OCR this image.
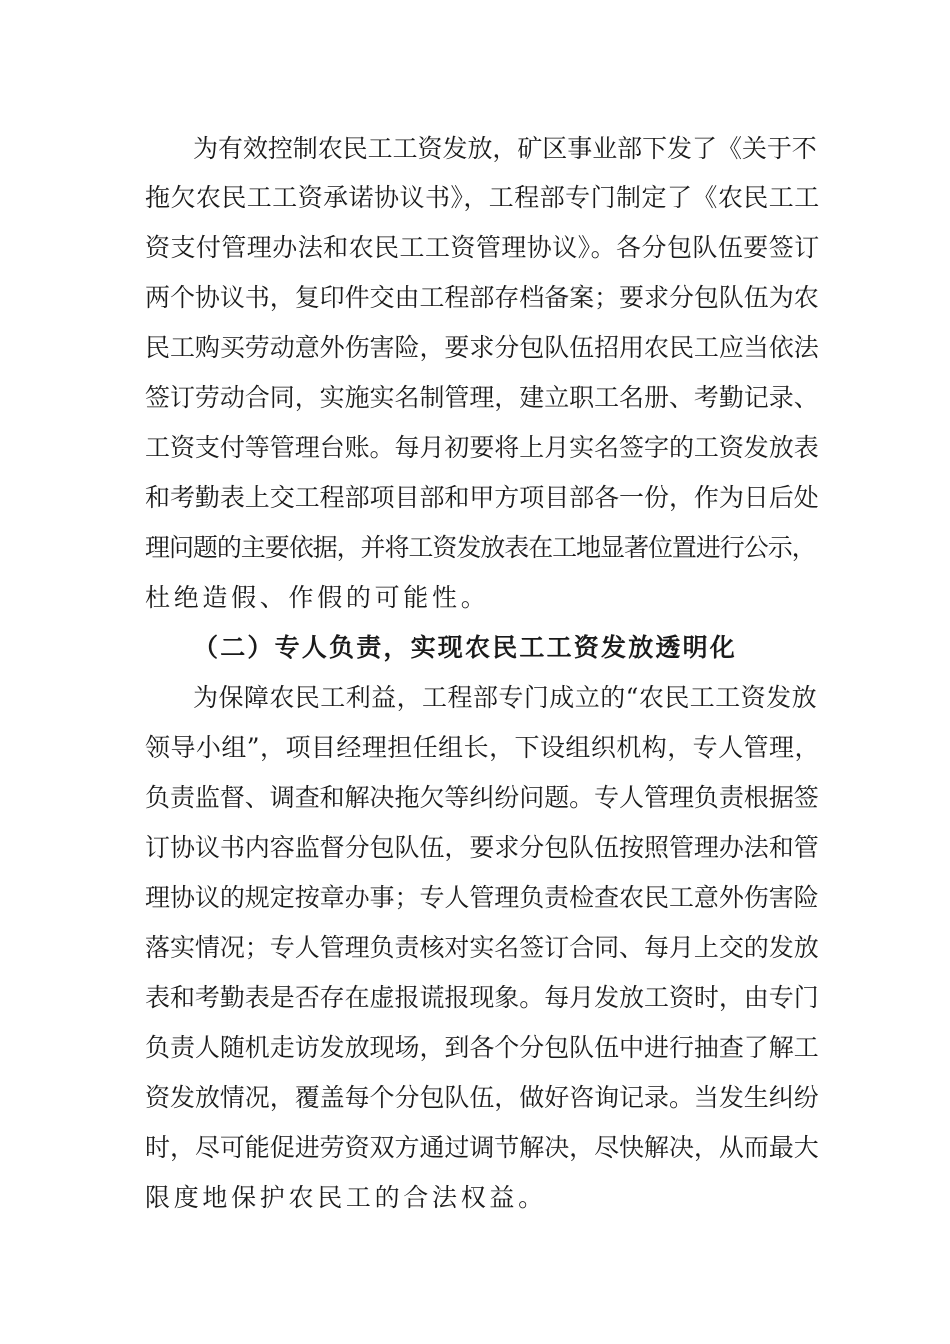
为有效控制农民工工资发放，矿区事业部下发了《关于不
拖欠农民工工资承诺协议书》，工程部专门制定了《农民工工
资支付管理办法和农民工工资管理协议》。各分包队伍要签订
两个协议书，复印件交由工程部存档备案；要求分包队伍为农
民工购买劳动意外伤害险，要求分包队伍招用农民工应当依法
签订劳动合同，实施实名制管理，建立职工名册、考勤记录、
工资支付等管理台账。每月初要将上月实名签字的工资发放表
和考勤表上交工程部项目部和甲方项目部各一份，作为日后处
理问题的主要依据，并将工资发放表在工地显著位置进行公示，
杜绝造假、作假的可能性。
（二）专人负责，实现农民工工资发放透明化
为保障农民工利益，工程部专门成立的“农民工工资发放
领导小组”，项目经理担任组长，下设组织机构，专人管理，
负责监督、调查和解决拖欠等纠纷问题。专人管理负责根据签
订协议书内容监督分包队伍，要求分包队伍按照管理办法和管
理协议的规定按章办事；专人管理负责检查农民工意外伤害险
落实情况；专人管理负责核对实名签订合同、每月上交的发放
表和考勤表是否存在虚报谎报现象。每月发放工资时，由专门
负责人随机走访发放现场，到各个分包队伍中进行抽查了解工
资发放情况，覆盖每个分包队伍，做好咨询记录。当发生纠纷
时，尽可能促进劳资双方通过调节解决，尽快解决，从而最大
限度地保护农民工的合法权益。
